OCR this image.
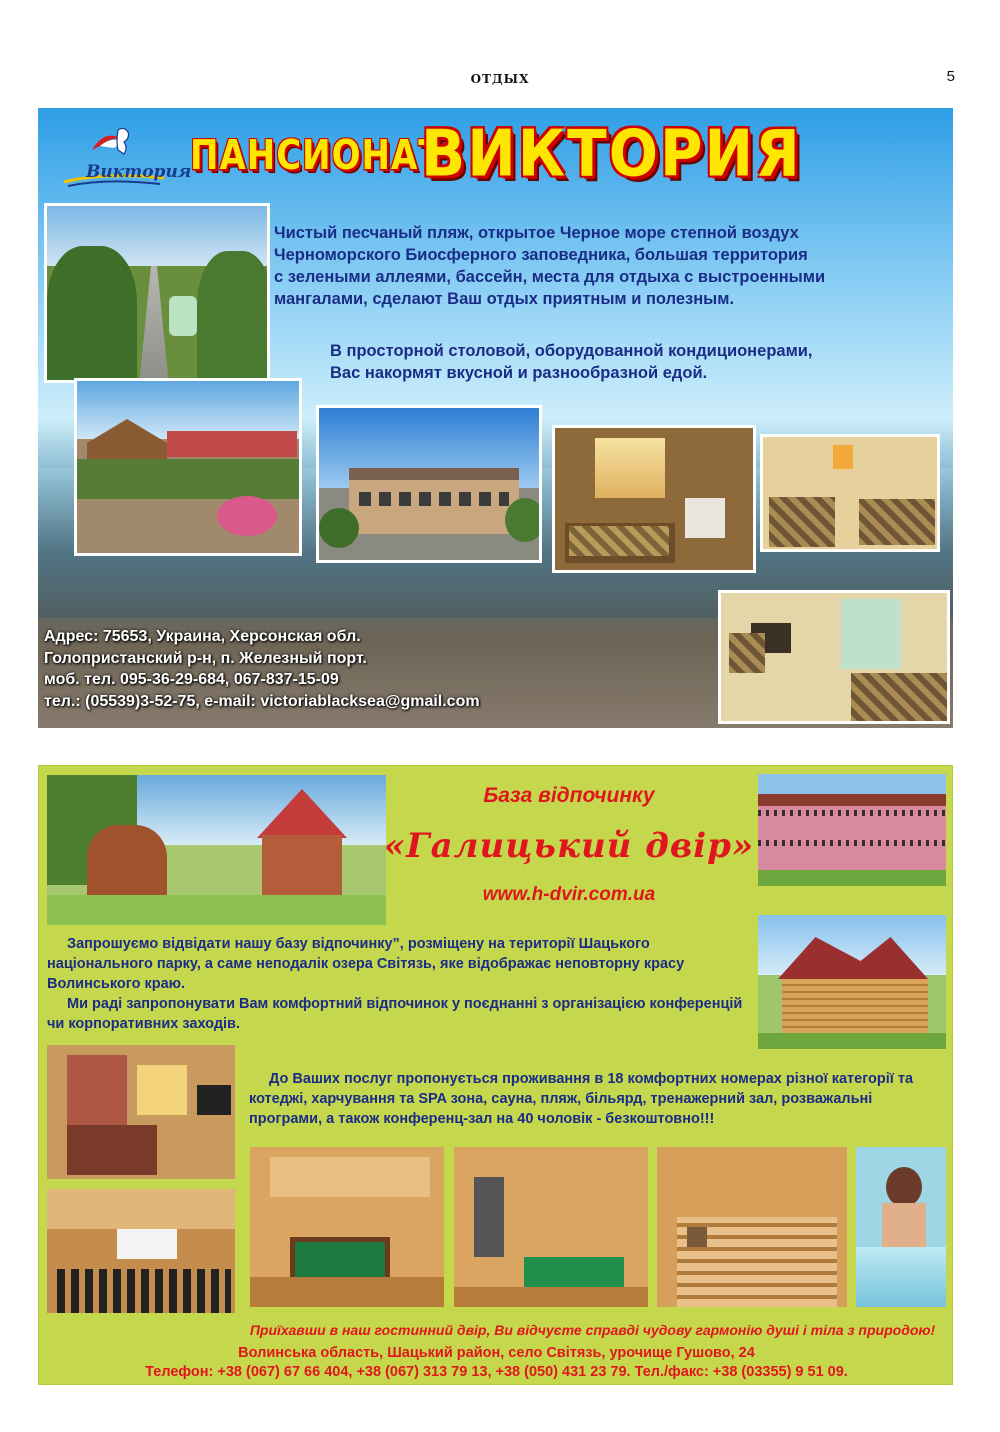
ОТДЫХ	5
Виктория
ПАНСИОНАТ
ВИКТОРИЯ
Чистый песчаный пляж, открытое Черное море степной воздух
Черноморского Биосферного заповедника, большая территория
с зелеными аллеями, бассейн, места для отдыха с выстроенными
мангалами, сделают Ваш отдых приятным и полезным.
В просторной столовой, оборудованной кондиционерами,
Вас накормят вкусной и разнообразной едой.
Адрес: 75653, Украина, Херсонская обл.
Голопристанский р-н, п. Железный порт.
моб. тел. 095-36-29-684, 067-837-15-09
тел.: (05539)3-52-75, e-mail: victoriablacksea@gmail.com
База відпочинку
«Галицький двір»
www.h-dvir.com.ua

Запрошуємо відвідати нашу базу відпочинку”, розміщену на території Шацького національного парку, а саме неподалік озера Світязь, яке відображає неповторну красу Волинського краю.

Ми раді запропонувати Вам комфортний відпочинок у поєднанні з організацією конференцій чи корпоративних заходів.

До Ваших послуг пропонується проживання в 18 комфортних номерах різної категорії та котеджі, харчування та SPA зона, сауна, пляж, більярд, тренажерний зал, розважальні програми, а також конференц-зал на 40 чоловік - безкоштовно!!!
Приїхавши в наш гостинний двір, Ви відчуєте справді чудову гармонію душі і тіла з природою!
Волинська область, Шацький район, село Світязь, урочище Гушово, 24
Телефон: +38 (067) 67 66 404, +38 (067) 313 79 13, +38 (050) 431 23 79. Тел./факс: +38 (03355) 9 51 09.
